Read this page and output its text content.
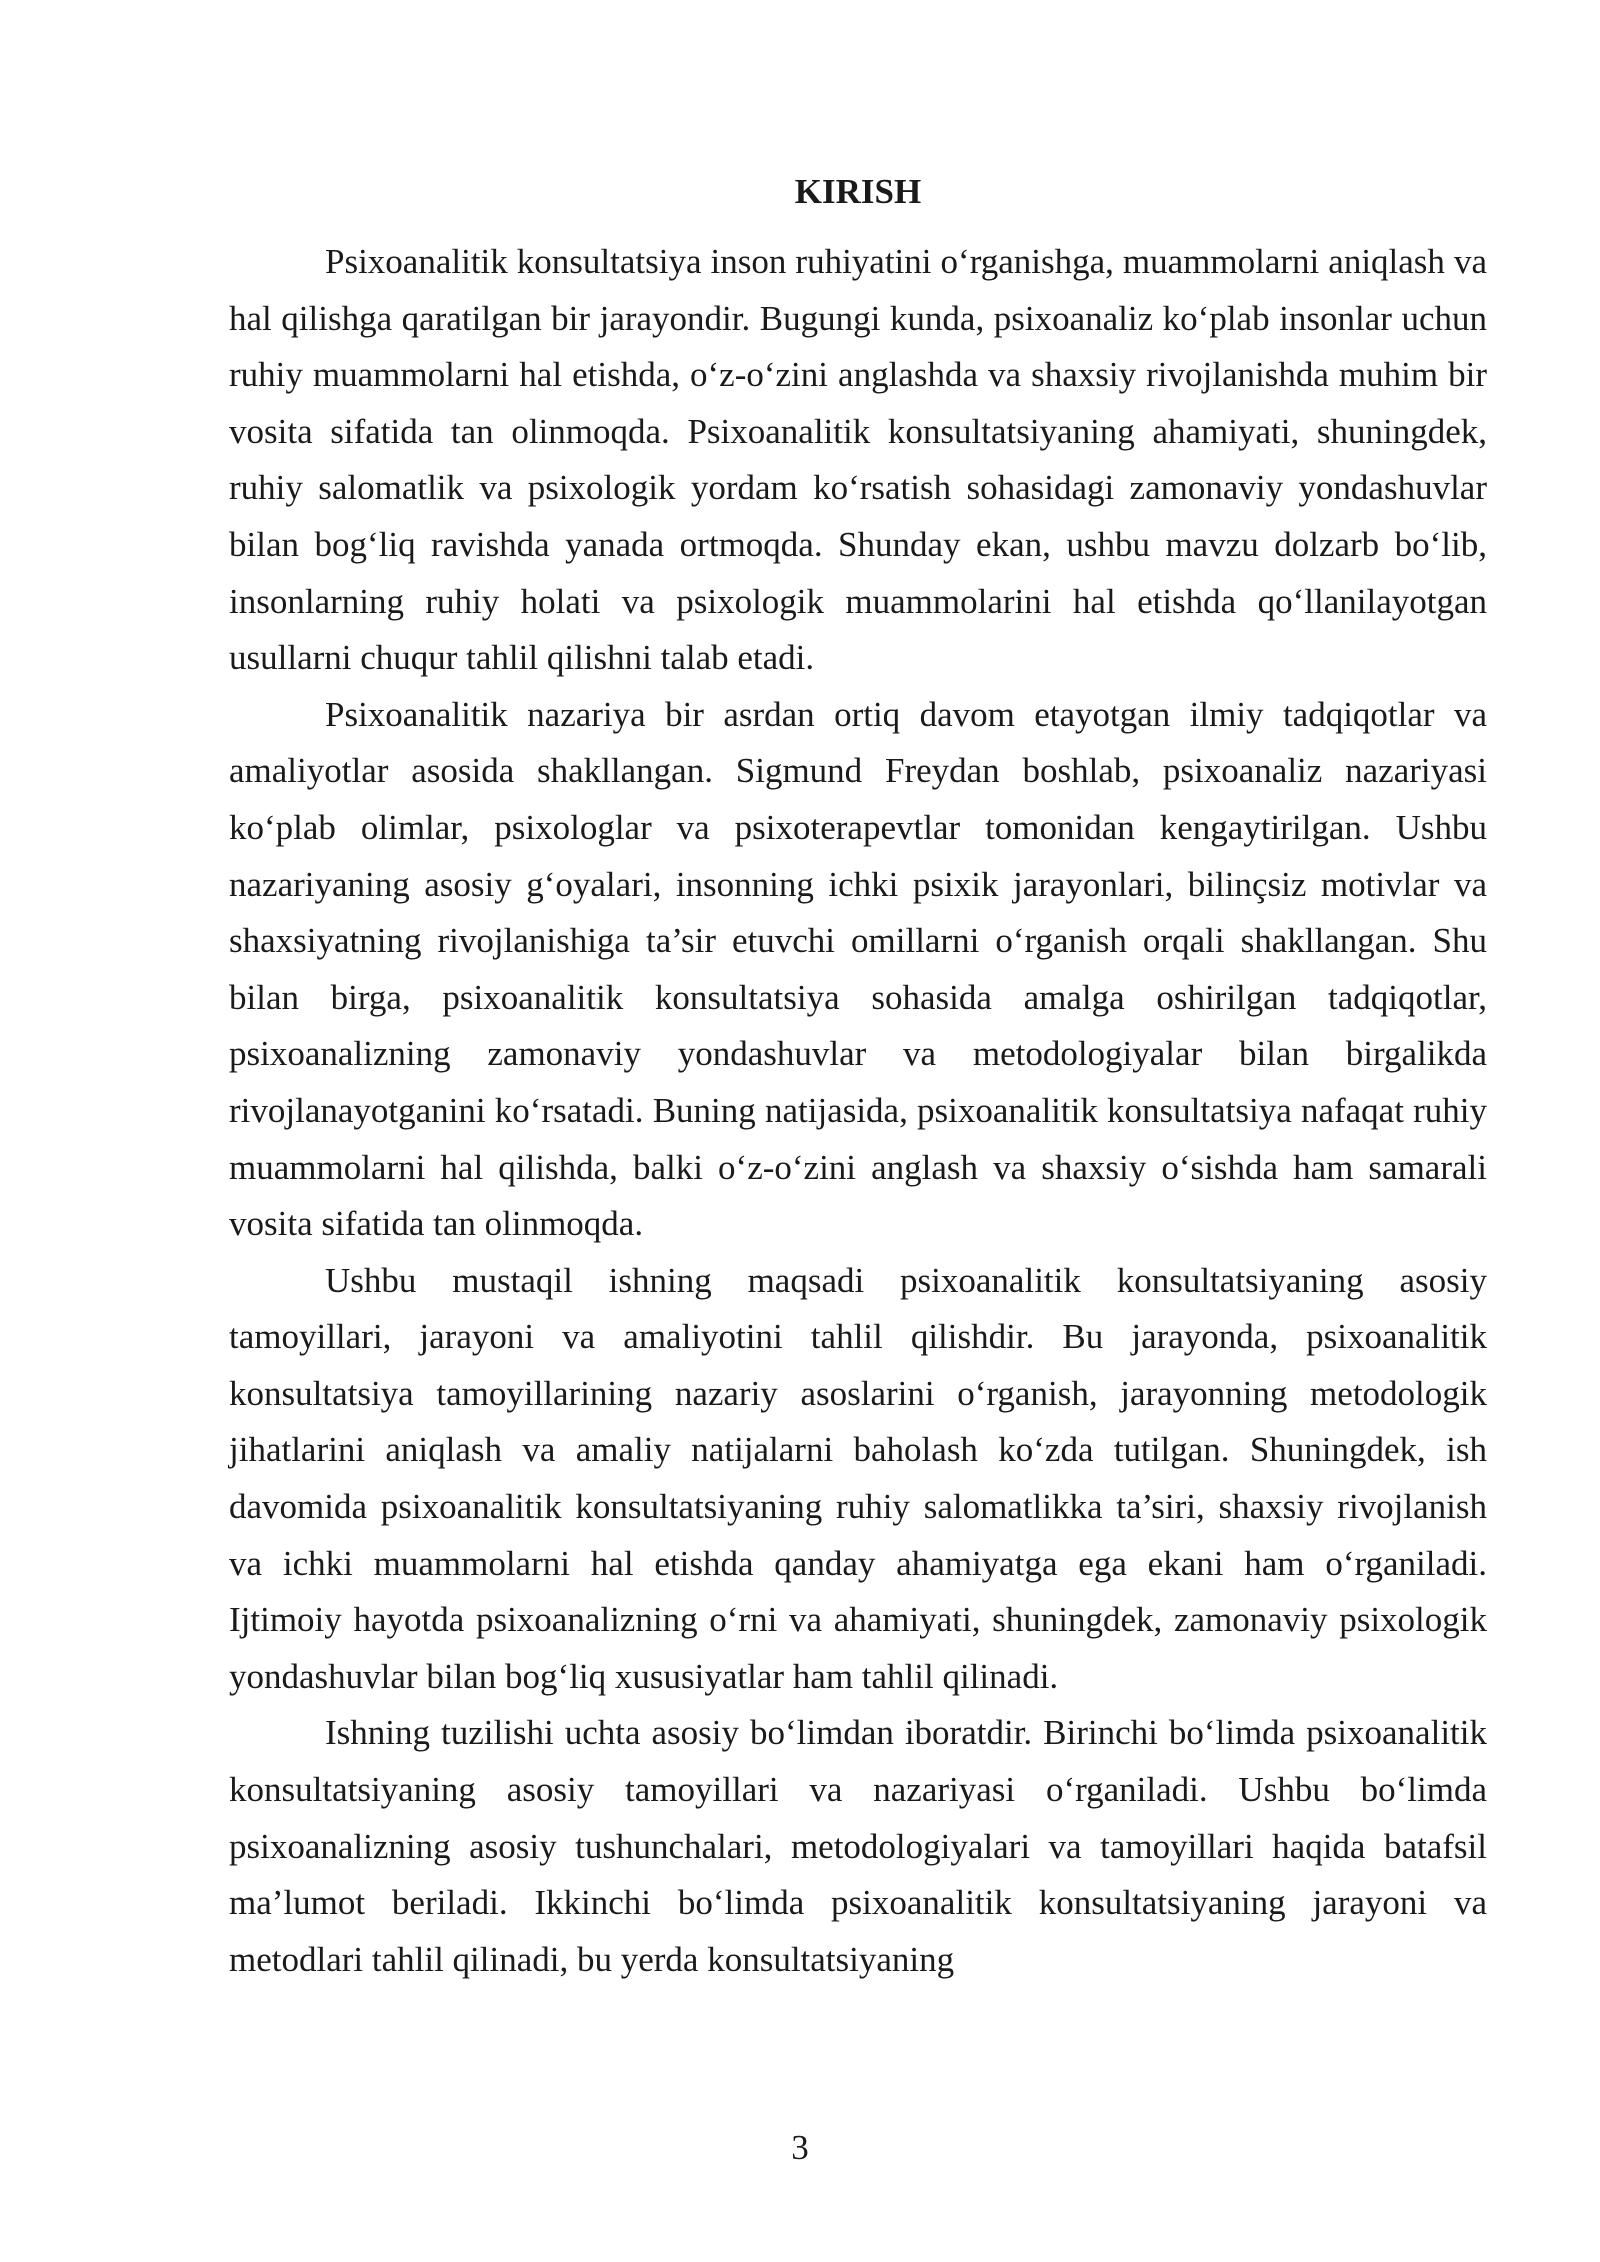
KIRISH

Psixoanalitik konsultatsiya inson ruhiyatini o‘rganishga, muammolarni aniqlash va hal qilishga qaratilgan bir jarayondir. Bugungi kunda, psixoanaliz ko‘plab insonlar uchun ruhiy muammolarni hal etishda, o‘z-o‘zini anglashda va shaxsiy rivojlanishda muhim bir vosita sifatida tan olinmoqda. Psixoanalitik konsultatsiyaning ahamiyati, shuningdek, ruhiy salomatlik va psixologik yordam ko‘rsatish sohasidagi zamonaviy yondashuvlar bilan bog‘liq ravishda yanada ortmoqda. Shunday ekan, ushbu mavzu dolzarb bo‘lib, insonlarning ruhiy holati va psixologik muammolarini hal etishda qo‘llanilayotgan usullarni chuqur tahlil qilishni talab etadi.

Psixoanalitik nazariya bir asrdan ortiq davom etayotgan ilmiy tadqiqotlar va amaliyotlar asosida shakllangan. Sigmund Freydan boshlab, psixoanaliz nazariyasi ko‘plab olimlar, psixologlar va psixoterapevtlar tomonidan kengaytirilgan. Ushbu nazariyaning asosiy g‘oyalari, insonning ichki psixik jarayonlari, bilinçsiz motivlar va shaxsiyatning rivojlanishiga ta’sir etuvchi omillarni o‘rganish orqali shakllangan. Shu bilan birga, psixoanalitik konsultatsiya sohasida amalga oshirilgan tadqiqotlar, psixoanalizning zamonaviy yondashuvlar va metodologiyalar bilan birgalikda rivojlanayotganini ko‘rsatadi. Buning natijasida, psixoanalitik konsultatsiya nafaqat ruhiy muammolarni hal qilishda, balki o‘z-o‘zini anglash va shaxsiy o‘sishda ham samarali vosita sifatida tan olinmoqda.

Ushbu mustaqil ishning maqsadi psixoanalitik konsultatsiyaning asosiy tamoyillari, jarayoni va amaliyotini tahlil qilishdir. Bu jarayonda, psixoanalitik konsultatsiya tamoyillarining nazariy asoslarini o‘rganish, jarayonning metodologik jihatlarini aniqlash va amaliy natijalarni baholash ko‘zda tutilgan. Shuningdek, ish davomida psixoanalitik konsultatsiyaning ruhiy salomatlikka ta’siri, shaxsiy rivojlanish va ichki muammolarni hal etishda qanday ahamiyatga ega ekani ham o‘rganiladi. Ijtimoiy hayotda psixoanalizning o‘rni va ahamiyati, shuningdek, zamonaviy psixologik yondashuvlar bilan bog‘liq xususiyatlar ham tahlil qilinadi.

Ishning tuzilishi uchta asosiy bo‘limdan iboratdir. Birinchi bo‘limda psixoanalitik konsultatsiyaning asosiy tamoyillari va nazariyasi o‘rganiladi. Ushbu bo‘limda psixoanalizning asosiy tushunchalari, metodologiyalari va tamoyillari haqida batafsil ma’lumot beriladi. Ikkinchi bo‘limda psixoanalitik konsultatsiyaning jarayoni va metodlari tahlil qilinadi, bu yerda konsultatsiyaning

3
